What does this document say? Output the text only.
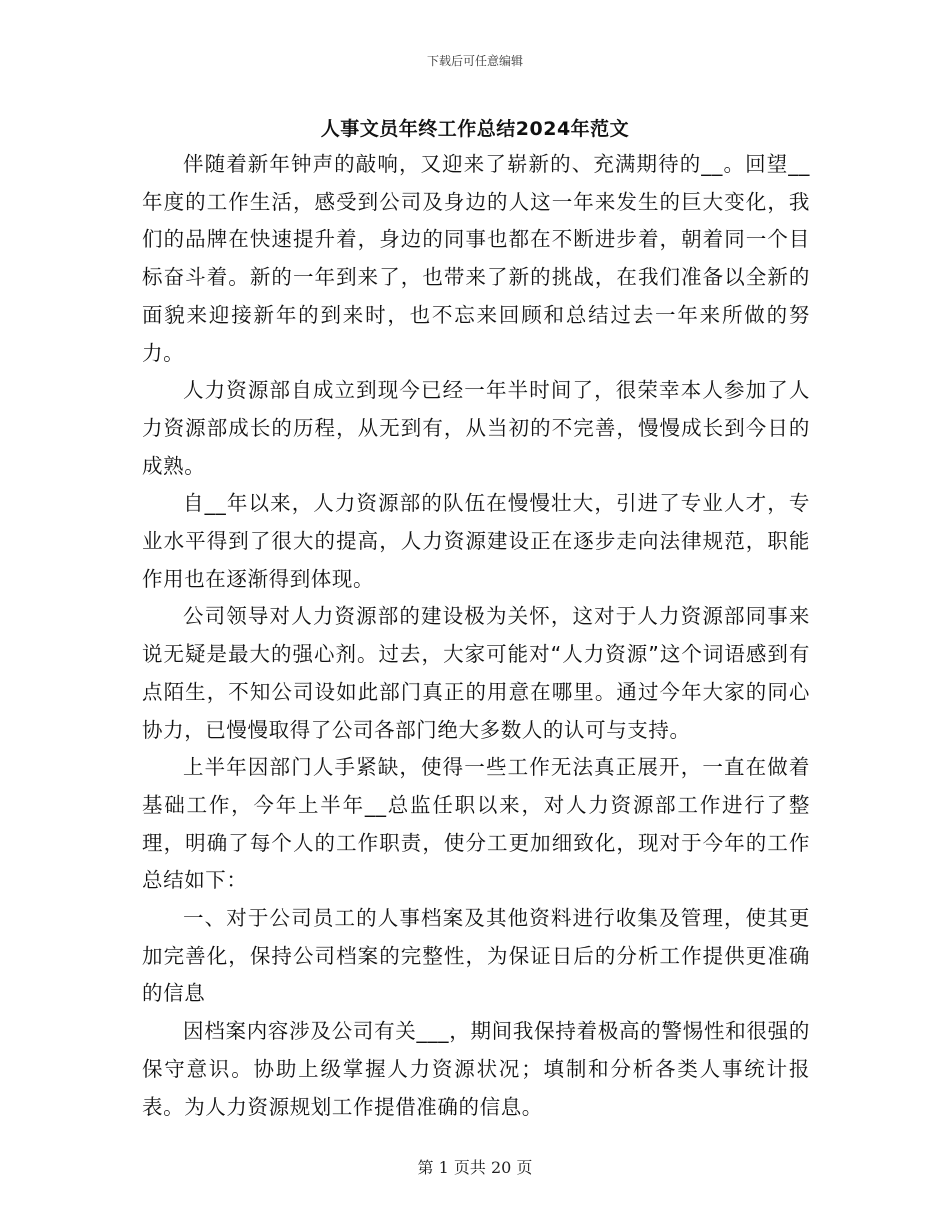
下载后可任意编辑
人事文员年终工作总结2024年范文

伴随着新年钟声的敲响，又迎来了崭新的、充满期待的__。回望__年度的工作生活，感受到公司及身边的人这一年来发生的巨大变化，我们的品牌在快速提升着，身边的同事也都在不断进步着，朝着同一个目标奋斗着。新的一年到来了，也带来了新的挑战，在我们准备以全新的面貌来迎接新年的到来时，也不忘来回顾和总结过去一年来所做的努力。

人力资源部自成立到现今已经一年半时间了，很荣幸本人参加了人力资源部成长的历程，从无到有，从当初的不完善，慢慢成长到今日的成熟。

自__年以来，人力资源部的队伍在慢慢壮大，引进了专业人才，专业水平得到了很大的提高，人力资源建设正在逐步走向法律规范，职能作用也在逐渐得到体现。

公司领导对人力资源部的建设极为关怀，这对于人力资源部同事来说无疑是最大的强心剂。过去，大家可能对“人力资源”这个词语感到有点陌生，不知公司设如此部门真正的用意在哪里。通过今年大家的同心协力，已慢慢取得了公司各部门绝大多数人的认可与支持。

上半年因部门人手紧缺，使得一些工作无法真正展开，一直在做着基础工作，今年上半年__总监任职以来，对人力资源部工作进行了整理，明确了每个人的工作职责，使分工更加细致化，现对于今年的工作总结如下：

一、对于公司员工的人事档案及其他资料进行收集及管理，使其更加完善化，保持公司档案的完整性，为保证日后的分析工作提供更准确的信息

因档案内容涉及公司有关___，期间我保持着极高的警惕性和很强的保守意识。协助上级掌握人力资源状况；填制和分析各类人事统计报表。为人力资源规划工作提借准确的信息。

第 1 页共 20 页
